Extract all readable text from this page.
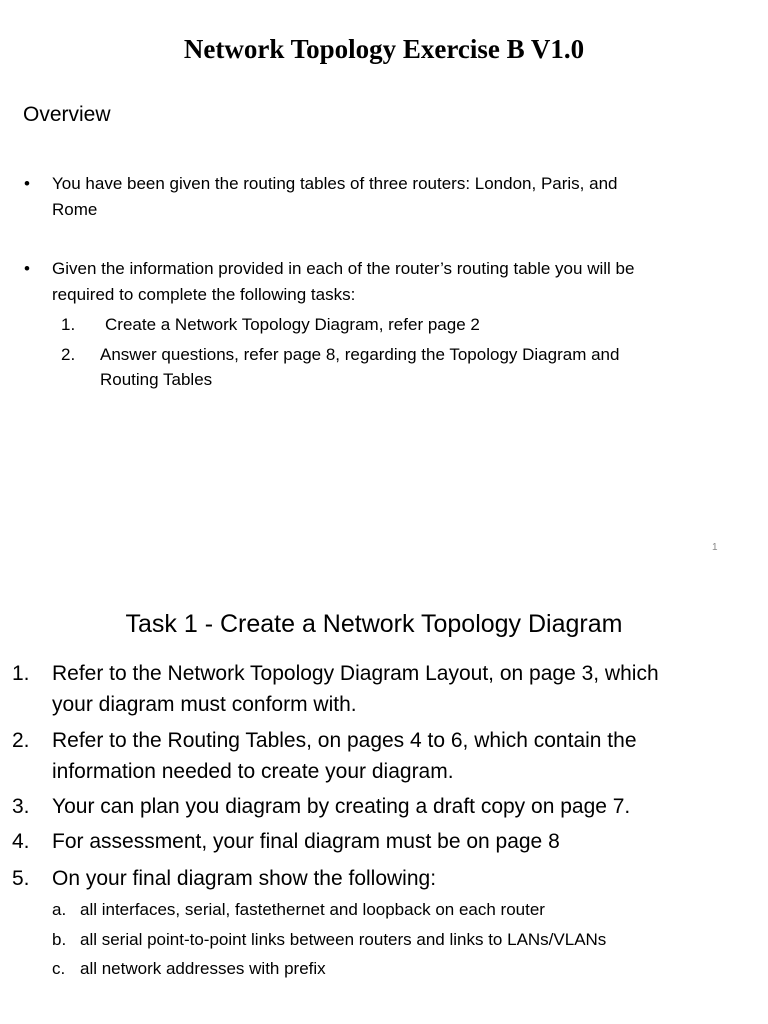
Network Topology Exercise B V1.0
Overview
• You have been given the routing tables of three routers: London, Paris, and
Rome
• Given the information provided in each of the router’s routing table you will be
required to complete the following tasks:
1. Create a Network Topology Diagram, refer page 2
2. Answer questions, refer page 8, regarding the Topology Diagram and
Routing Tables
1
Task 1 - Create a Network Topology Diagram
1. Refer to the Network Topology Diagram Layout, on page 3, which
your diagram must conform with.
2. Refer to the Routing Tables, on pages 4 to 6, which contain the
information needed to create your diagram.
3. Your can plan you diagram by creating a draft copy on page 7.
4. For assessment, your final diagram must be on page 8
5. On your final diagram show the following:
a. all interfaces, serial, fastethernet and loopback on each router
b. all serial point-to-point links between routers and links to LANs/VLANs
c. all network addresses with prefix
